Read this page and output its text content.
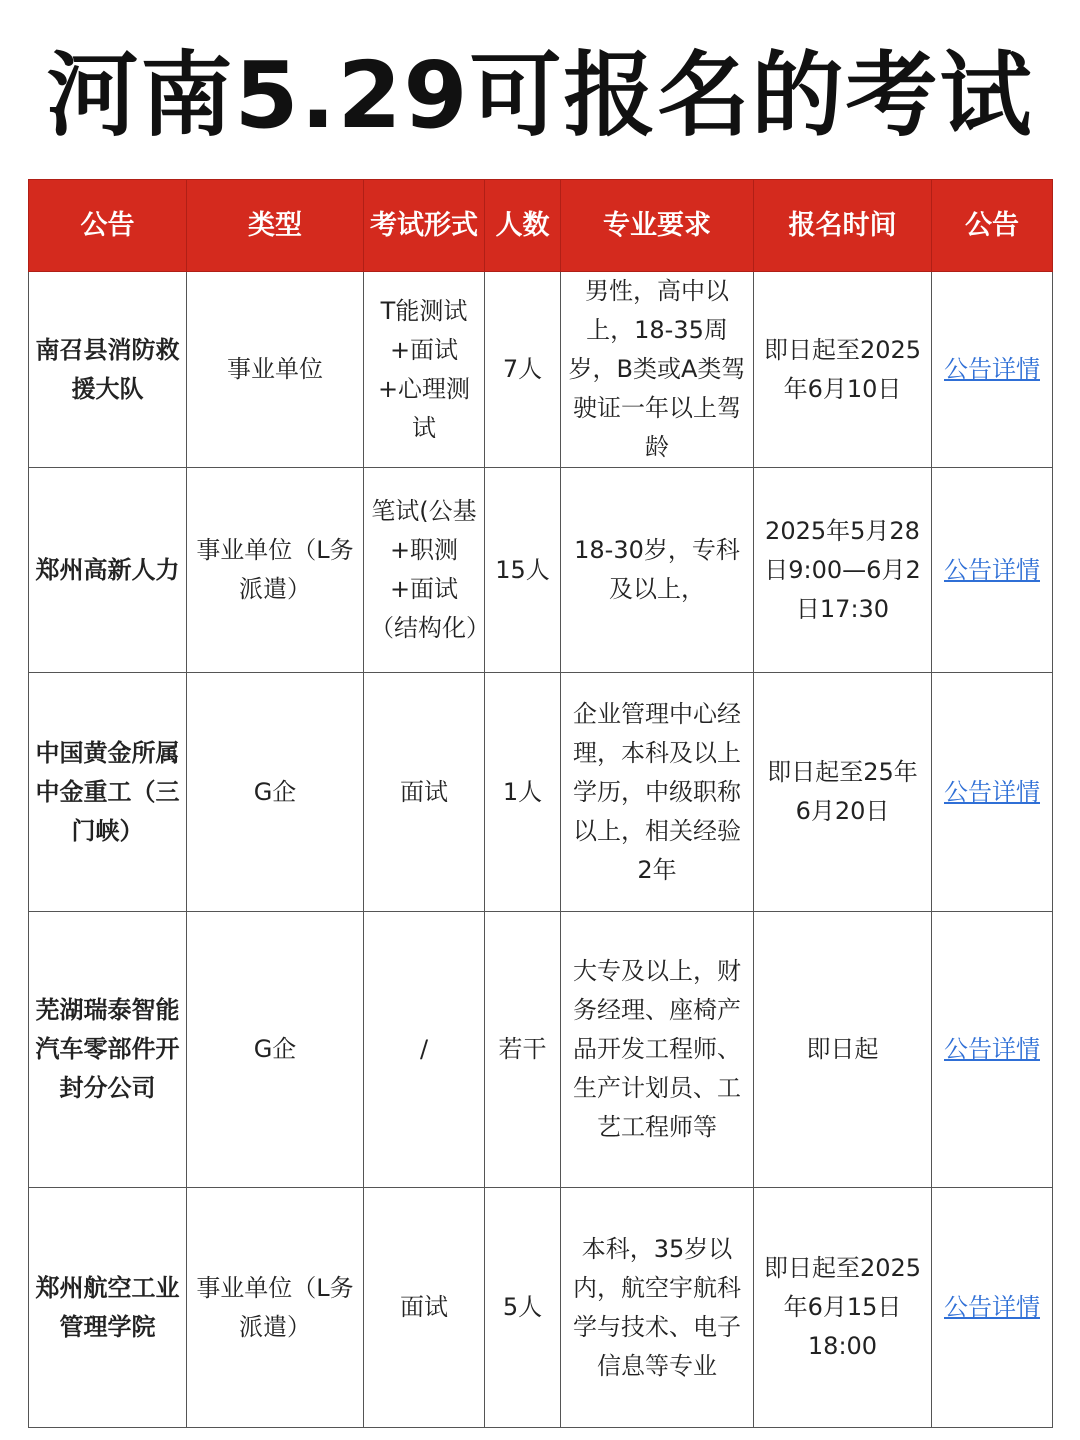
河南5.29可报名的考试
公告	类型	考试形式	人数	专业要求	报名时间	公告
南召县消防救援大队	事业单位	T能测试+面试+心理测试	7人	男性，高中以上，18-35周岁，B类或A类驾驶证一年以上驾龄	即日起至2025年6月10日	公告详情
郑州高新人力	事业单位（L务派遣）	笔试(公基+职测+面试（结构化）	15人	18-30岁，专科及以上，	2025年5月28日9:00—6月2日17:30	公告详情
中国黄金所属中金重工（三门峡）	G企	面试	1人	企业管理中心经理，本科及以上学历，中级职称以上，相关经验2年	即日起至25年6月20日	公告详情
芜湖瑞泰智能汽车零部件开封分公司	G企	/	若干	大专及以上，财务经理、座椅产品开发工程师、生产计划员、工艺工程师等	即日起	公告详情
郑州航空工业管理学院	事业单位（L务派遣）	面试	5人	本科，35岁以内，航空宇航科学与技术、电子信息等专业	即日起至2025年6月15日18:00	公告详情
